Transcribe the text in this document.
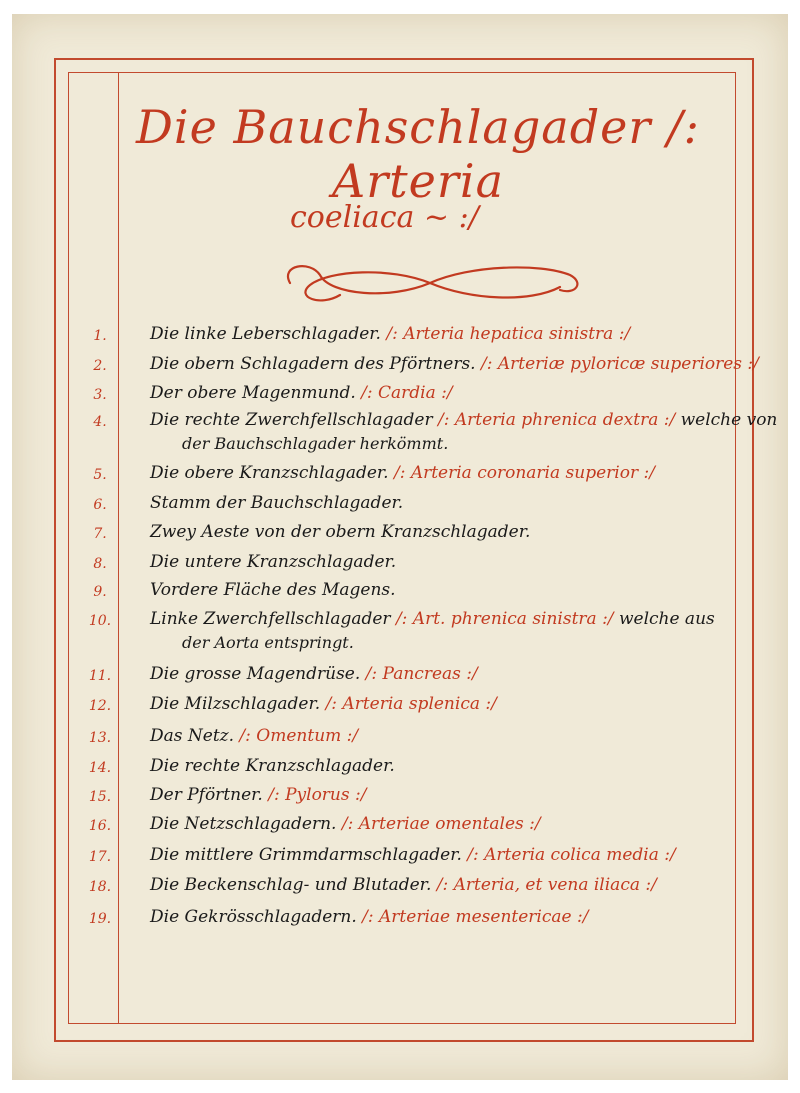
Die Bauchschlagader /: Arteria
coeliaca ~ :/
1.	Die linke Leberschlagader. /: Arteria hepatica sinistra :/
2.	Die obern Schlagadern des Pförtners. /: Arteriæ pyloricæ superiores :/
3.	Der obere Magenmund. /: Cardia :/
4.	Die rechte Zwerchfellschlagader /: Arteria phrenica dextra :/ welche von
der Bauchschlagader herkömmt.
5.	Die obere Kranzschlagader. /: Arteria coronaria superior :/
6.	Stamm der Bauchschlagader.
7.	Zwey Aeste von der obern Kranzschlagader.
8.	Die untere Kranzschlagader.
9.	Vordere Fläche des Magens.
10.	Linke Zwerchfellschlagader /: Art. phrenica sinistra :/ welche aus
der Aorta entspringt.
11.	Die grosse Magendrüse. /: Pancreas :/
12.	Die Milzschlagader. /: Arteria splenica :/
13.	Das Netz. /: Omentum :/
14.	Die rechte Kranzschlagader.
15.	Der Pförtner. /: Pylorus :/
16.	Die Netzschlagadern. /: Arteriae omentales :/
17.	Die mittlere Grimmdarmschlagader. /: Arteria colica media :/
18.	Die Beckenschlag- und Blutader. /: Arteria, et vena iliaca :/
19.	Die Gekrösschlagadern. /: Arteriae mesentericae :/
